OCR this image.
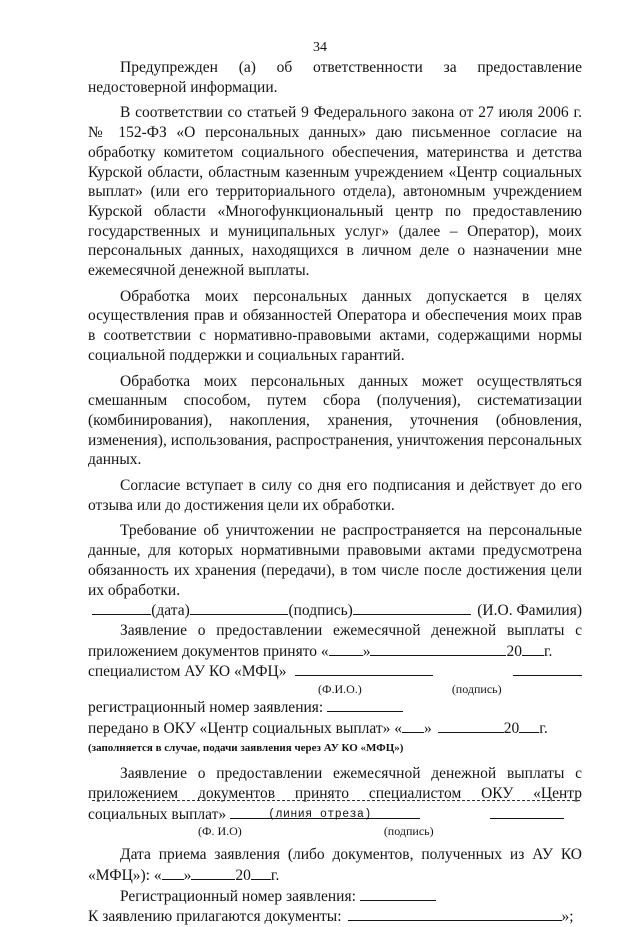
34

Предупрежден (а) об ответственности за предоставление недостоверной информации.

В соответствии со статьей 9 Федерального закона от 27 июля 2006 г. № 152-ФЗ «О персональных данных» даю письменное согласие на обработку комитетом социального обеспечения, материнства и детства Курской области, областным казенным учреждением «Центр социальных выплат» (или его территориального отдела), автономным учреждением Курской области «Многофункциональный центр по предоставлению государственных и муниципальных услуг» (далее – Оператор), моих персональных данных, находящихся в личном деле о назначении мне ежемесячной денежной выплаты.

Обработка моих персональных данных допускается в целях осуществления прав и обязанностей Оператора и обеспечения моих прав в соответствии с нормативно-правовыми актами, содержащими нормы социальной поддержки и социальных гарантий.

Обработка моих персональных данных может осуществляться смешанным способом, путем сбора (получения), систематизации (комбинирования), накопления, хранения, уточнения (обновления, изменения), использования, распространения, уничтожения персональных данных.

Согласие вступает в силу со дня его подписания и действует до его отзыва или до достижения цели их обработки.

Требование об уничтожении не распространяется на персональные данные, для которых нормативными правовыми актами предусмотрена обязанность их хранения (передачи), в том числе после достижения цели их обработки.

(дата)	(подпись)	(И.О. Фамилия)

Заявление о предоставлении ежемесячной денежной выплаты с приложением документов принято « »	20 г.

специалистом АУ КО «МФЦ»
(Ф.И.О.)	(подпись)
регистрационный номер заявления:
передано в ОКУ «Центр социальных выплат» « »	20 г.
(заполняется в случае, подачи заявления через АУ КО «МФЦ»)

Заявление о предоставлении ежемесячной денежной выплаты с приложением документов принято специалистом ОКУ «Центр социальных выплат»

(Ф. И.О)	(подпись)

Дата приема заявления (либо документов, полученных из АУ КО «МФЦ»): « »	20 г.

Регистрационный номер заявления:
К заявлению прилагаются документы:	»;
(линия отреза)
